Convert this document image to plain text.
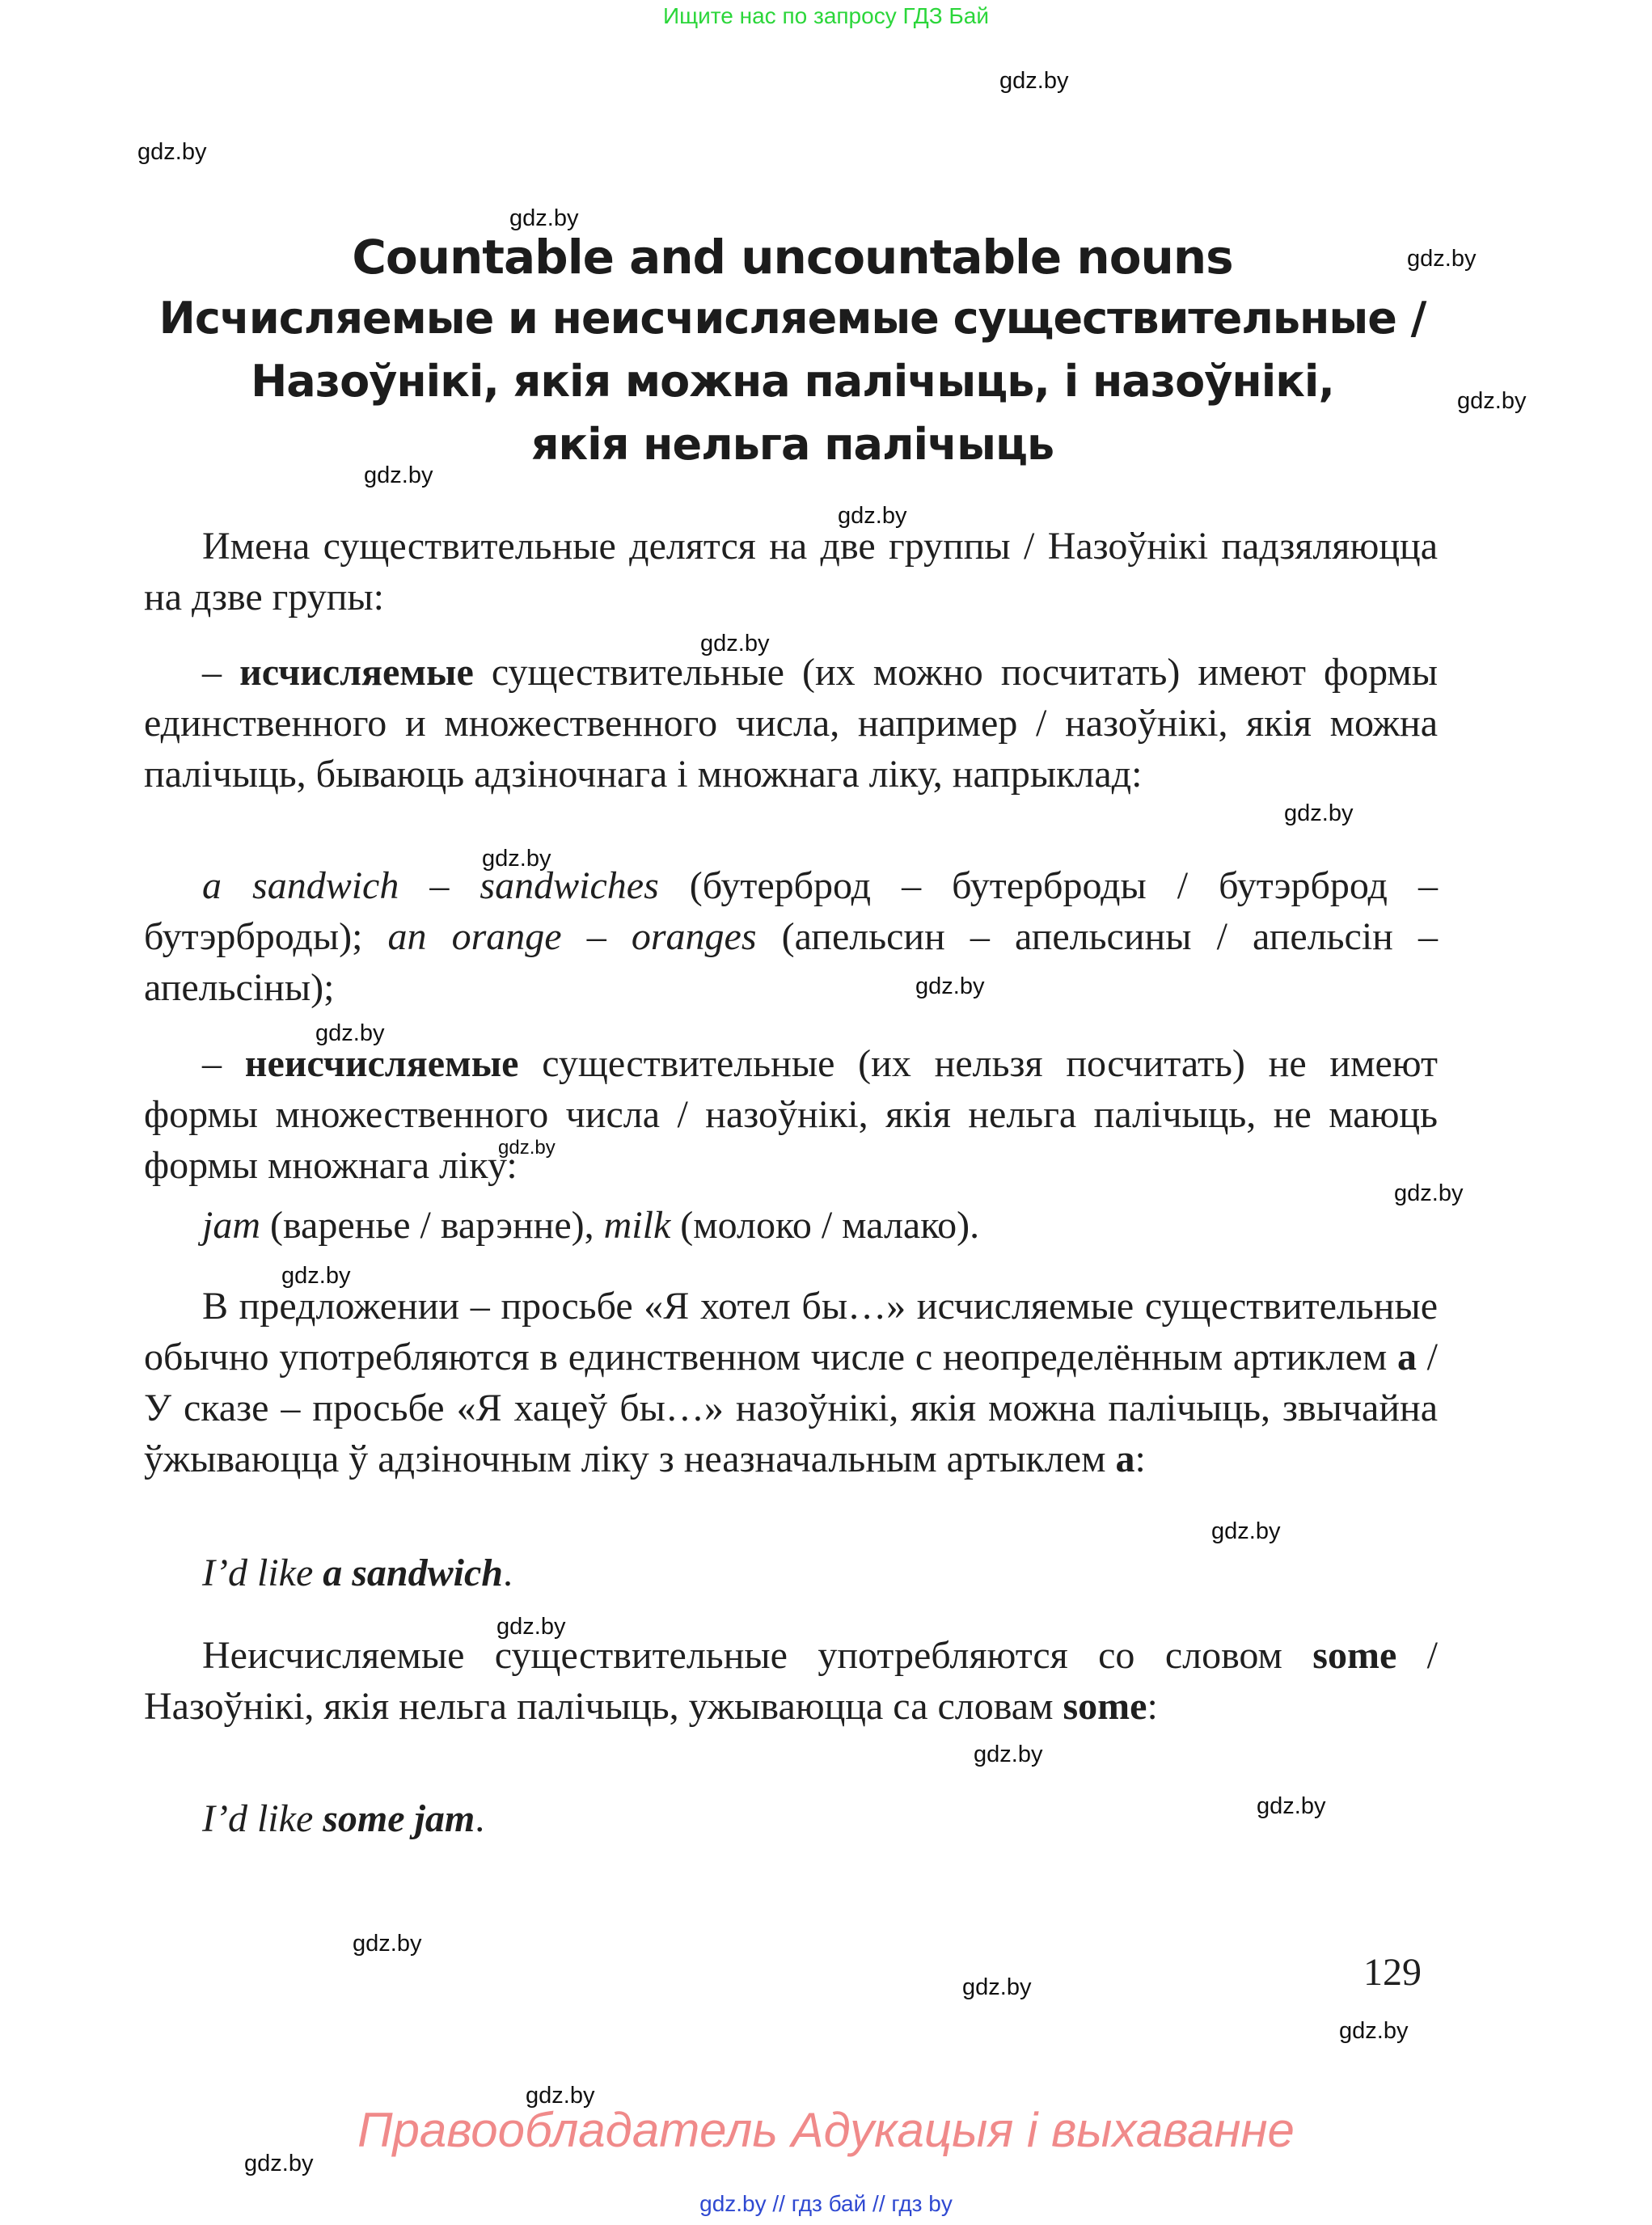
Ищите нас по запросу ГДЗ Бай
gdz.by
gdz.by
gdz.by
gdz.by
gdz.by
gdz.by
gdz.by
gdz.by
gdz.by
gdz.by
gdz.by
gdz.by
gdz.by
gdz.by
gdz.by
gdz.by
gdz.by
gdz.by
gdz.by
gdz.by
gdz.by
gdz.by
gdz.by
gdz.by
Countable and uncountable nouns
Исчисляемые и неисчисляемые существительные /
Назоўнікі, якія можна палічыць, і назоўнікі,
якія нельга палічыць
Имена существительные делятся на две группы / Назоўнікі падзяляюцца на дзве групы:
– исчисляемые существительные (их можно посчитать) имеют формы единственного и множественного числа, например / назоўнікі, якія можна палічыць, бываюць адзіночнага і множнага ліку, напрыклад:
a sandwich – sandwiches (бутерброд – бутерброды / бутэрброд – бутэрброды); an orange – oranges (апельсин – апельсины / апельсін – апельсіны);
– неисчисляемые существительные (их нельзя посчитать) не имеют формы множественного числа / назоўнікі, якія нельга палічыць, не маюць формы множнага ліку:
jam (варенье / варэнне), milk (молоко / малако).
В предложении – просьбе «Я хотел бы…» исчисляемые существительные обычно употребляются в единственном числе с неопределённым артиклем a / У сказе – просьбе «Я хацеў бы…» назоўнікі, якія можна палічыць, звычайна ўжываюцца ў адзіночным ліку з неазначальным артыклем a:
I’d like a sandwich.
Неисчисляемые существительные употребляются со словом some / Назоўнікі, якія нельга палічыць, ужываюцца са словам some:
I’d like some jam.
129
Правообладатель Адукацыя і выхаванне
gdz.by // гдз бай // гдз by
